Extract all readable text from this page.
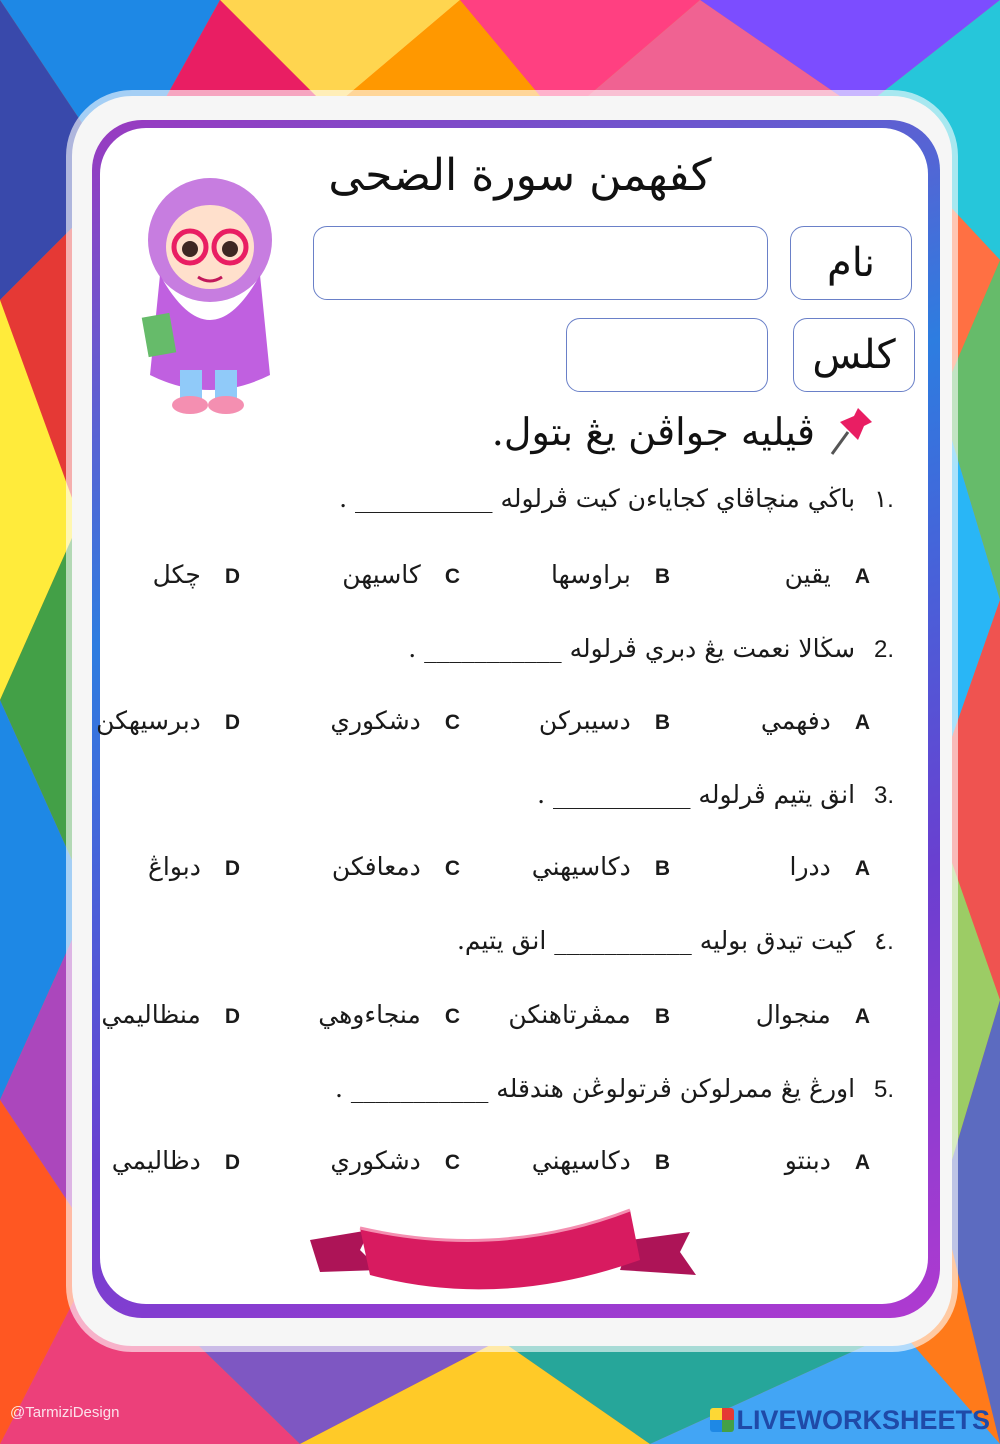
كفهمن سورة الضحى
نام
كلس
ڤيليه جواڤن يڠ بتول.
.١ باڬي منچاڤاي كجاياءن كيت ڤرلوله ___________ .
Aيقين
Bبراوسها
Cكاسيهن
Dچكل
.2 سڬالا نعمت يڠ دبري ڤرلوله ___________ .
Aدفهمي
Bدسيبركن
Cدشكوري
Dدبرسيهكن
.3 انق يتيم ڤرلوله ___________ .
Aددرا
Bدكاسيهني
Cدمعافكن
Dدبواڠ
.٤ كيت تيدق بوليه ___________ انق يتيم.
Aمنجوال
Bممڤرتاهنكن
Cمنجاءوهي
Dمنظاليمي
.5 اورڠ يڠ ممرلوكن ڤرتولوڠن هندقله ___________ .
Aدبنتو
Bدكاسيهني
Cدشكوري
Dدظاليمي
@TarmiziDesign	LIVEWORKSHEETS
